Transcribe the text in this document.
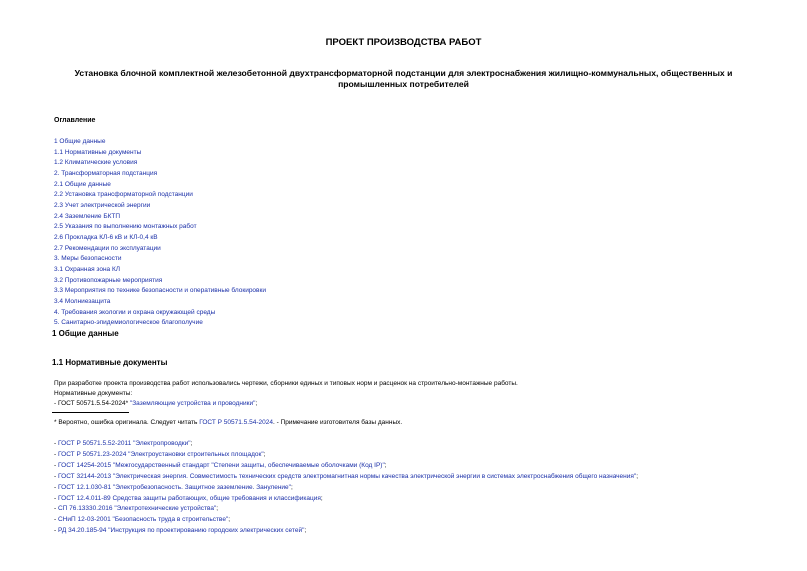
ПРОЕКТ ПРОИЗВОДСТВА РАБОТ
Установка блочной комплектной железобетонной двухтрансформаторной подстанции для электроснабжения жилищно-коммунальных, общественных и
промышленных потребителей
Оглавление
1 Общие данные
1.1 Нормативные документы
1.2 Климатические условия
2. Трансформаторная подстанция
2.1 Общие данные
2.2 Установка трансформаторной подстанции
2.3 Учет электрической энергии
2.4 Заземление БКТП
2.5 Указания по выполнению монтажных работ
2.6 Прокладка КЛ-6 кВ и КЛ-0,4 кВ
2.7 Рекомендации по эксплуатации
3. Меры безопасности
3.1 Охранная зона КЛ
3.2 Противопожарные мероприятия
3.3 Мероприятия по технике безопасности и оперативные блокировки
3.4 Молниезащита
4. Требования экологии и охрана окружающей среды
5. Санитарно-эпидемиологическое благополучие
1 Общие данные
1.1 Нормативные документы

При разработке проекта производства работ использовались чертежи, сборники единых и типовых норм и расценок на строительно-монтажные работы.

Нормативные документы:

- ГОСТ 50571.5.54-2024* "Заземляющие устройства и проводники";

* Вероятно, ошибка оригинала. Следует читать ГОСТ Р 50571.5.54-2024. - Примечание изготовителя базы данных.

- ГОСТ Р 50571.5.52-2011 "Электропроводки";
- ГОСТ Р 50571.23-2024 "Электроустановки строительных площадок";
- ГОСТ 14254-2015 "Межгосударственный стандарт "Степени защиты, обеспечиваемые оболочками (Код IP)";
- ГОСТ 32144-2013 "Электрическая энергия. Совместимость технических средств электромагнитная нормы качества электрической энергии в системах электроснабжения общего назначения";
- ГОСТ 12.1.030-81 "Электробезопасность. Защитное заземление. Зануление";
- ГОСТ 12.4.011-89 Средства защиты работающих, общие требования и классификация;
- СП 76.13330.2016 "Электротехнические устройства";
- СНиП 12-03-2001 "Безопасность труда в строительстве";
- РД 34.20.185-94 "Инструкция по проектированию городских электрических сетей";
